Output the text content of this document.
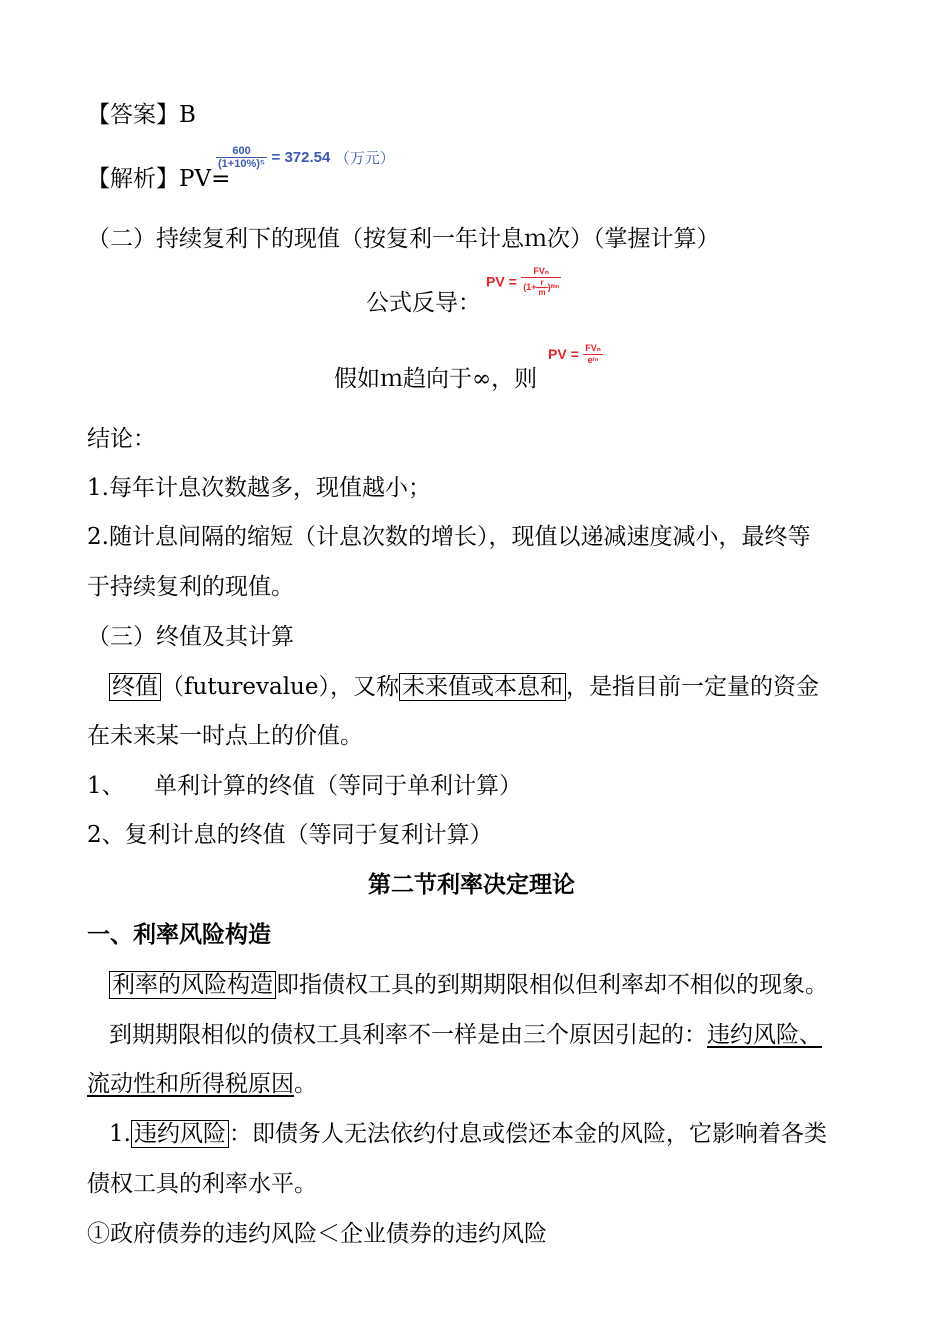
【答案】B
【解析】PV=
$\frac{600}{\text{(1+10\%)⁵}} = 372.54$ （万元）
（二）持续复利下的现值（按复利一年计息ｍ次）（掌握计算）
公式反导：
PV = $\frac{\text{FVₙ}}{(1+ \frac{r}{m} )ᵐ^n}$
假如ｍ趋向于∞，则
PV = $\frac{\text{FVₙ}}{\text{eʳⁿ}}$
结论：
1.每年计息次数越多，现值越小；
2.随计息间隔的缩短（计息次数的增长），现值以递减速度减小，最终等
于持续复利的现值。
（三）终值及其计算
终值 （futurevalue），又称 未来值或本息和 ，是指目前一定量的资金
在未来某一时点上的价值。
1、 单利计算的终值（等同于单利计算）
2、复利计息的终值（等同于复利计算）
第二节利率决定理论
一、利率风险构造
利率的风险构造 即指债权工具的到期期限相似但利率却不相似的现象。
到期期限相似的债权工具利率不一样是由三个原因引起的：违约风险、
流动性和所得税原因。
1. 违约风险 ：即债务人无法依约付息或偿还本金的风险，它影响着各类
债权工具的利率水平。
①政府债券的违约风险＜企业债券的违约风险
